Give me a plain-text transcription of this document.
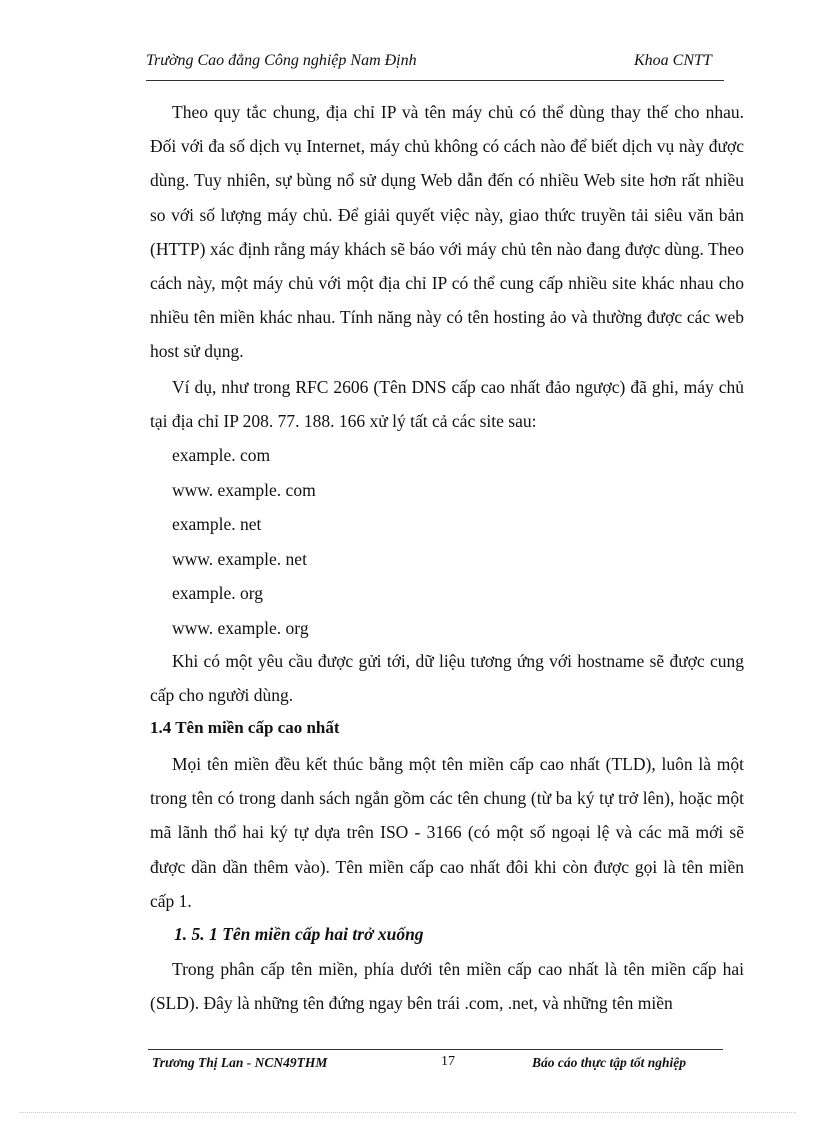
Trường Cao đẳng Công nghiệp Nam Định	Khoa CNTT

Theo quy tắc chung, địa chỉ IP và tên máy chủ có thể dùng thay thế cho nhau. Đối với đa số dịch vụ Internet, máy chủ không có cách nào để biết dịch vụ này được dùng. Tuy nhiên, sự bùng nổ sử dụng Web dẫn đến có nhiều Web site hơn rất nhiều so với số lượng máy chủ. Để giải quyết việc này, giao thức truyền tải siêu văn bản (HTTP) xác định rằng máy khách sẽ báo với máy chủ tên nào đang được dùng. Theo cách này, một máy chủ với một địa chỉ IP có thể cung cấp nhiều site khác nhau cho nhiều tên miền khác nhau. Tính năng này có tên hosting ảo và thường được các web host sử dụng.

Ví dụ, như trong RFC 2606 (Tên DNS cấp cao nhất đảo ngược) đã ghi, máy chủ tại địa chỉ IP 208. 77. 188. 166 xử lý tất cả các site sau:

example. com
www. example. com
example. net
www. example. net
example. org
www. example. org

Khi có một yêu cầu được gửi tới, dữ liệu tương ứng với hostname sẽ được cung cấp cho người dùng.

1.4 Tên miền cấp cao nhất

Mọi tên miền đều kết thúc bằng một tên miền cấp cao nhất (TLD), luôn là một trong tên có trong danh sách ngắn gồm các tên chung (từ ba ký tự trở lên), hoặc một mã lãnh thổ hai ký tự dựa trên ISO - 3166 (có một số ngoại lệ và các mã mới sẽ được dần dần thêm vào). Tên miền cấp cao nhất đôi khi còn được gọi là tên miền cấp 1.

1. 5. 1 Tên miền cấp hai trở xuống

Trong phân cấp tên miền, phía dưới tên miền cấp cao nhất là tên miền cấp hai (SLD). Đây là những tên đứng ngay bên trái .com, .net, và những tên miền

Trương Thị Lan - NCN49THM	17	Báo cáo thực tập tốt nghiệp
